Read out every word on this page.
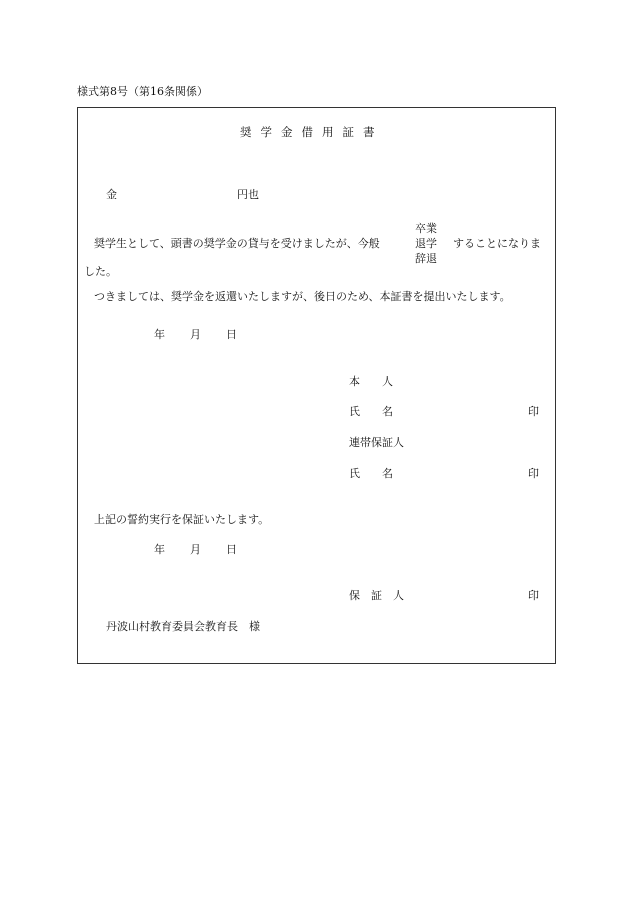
様式第8号（第16条関係）
奨学金借用証書
金	円也
奨学生として、頭書の奨学金の貸与を受けましたが、今般
卒業
退学
辞退
することになりま
した。
つきましては、奨学金を返還いたしますが、後日のため、本証書を提出いたします。
年 月 日
本　　人
氏　　名	印
連帯保証人
氏　　名	印
上記の誓約実行を保証いたします。
年 月 日
保　証　人	印
丹波山村教育委員会教育長　様
